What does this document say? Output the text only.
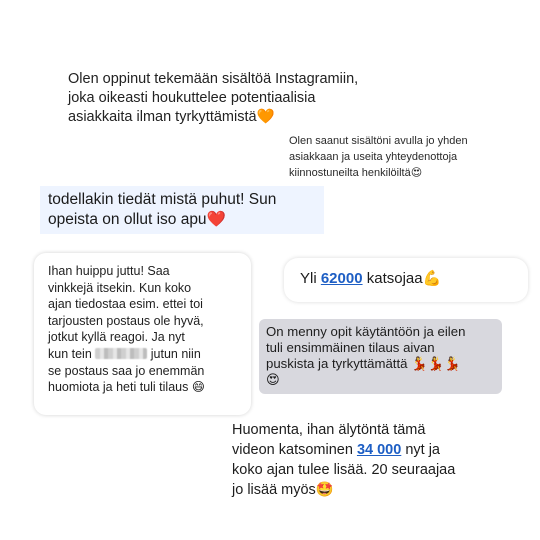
Olen oppinut tekemään sisältöä Instagramiin,
joka oikeasti houkuttelee potentiaalisia
asiakkaita ilman tyrkyttämistä🧡
Olen saanut sisältöni avulla jo yhden
asiakkaan ja useita yhteydenottoja
kiinnostuneilta henkilöiltä😍
todellakin tiedät mistä puhut! Sun
opeista on ollut iso apu❤️
Ihan huippu juttu! Saa
vinkkejä itsekin. Kun koko
ajan tiedostaa esim. ettei toi
tarjousten postaus ole hyvä,
jotkut kyllä reagoi. Ja nyt
kun tein	jutun niin
se postaus saa jo enemmän
huomiota ja heti tuli tilaus 😄
Yli 62000 katsojaa💪
On menny opit käytäntöön ja eilen
tuli ensimmäinen tilaus aivan
puskista ja tyrkyttämättä 💃💃💃
😍
Huomenta, ihan älytöntä tämä
videon katsominen 34 000 nyt ja
koko ajan tulee lisää. 20 seuraajaa
jo lisää myös🤩
